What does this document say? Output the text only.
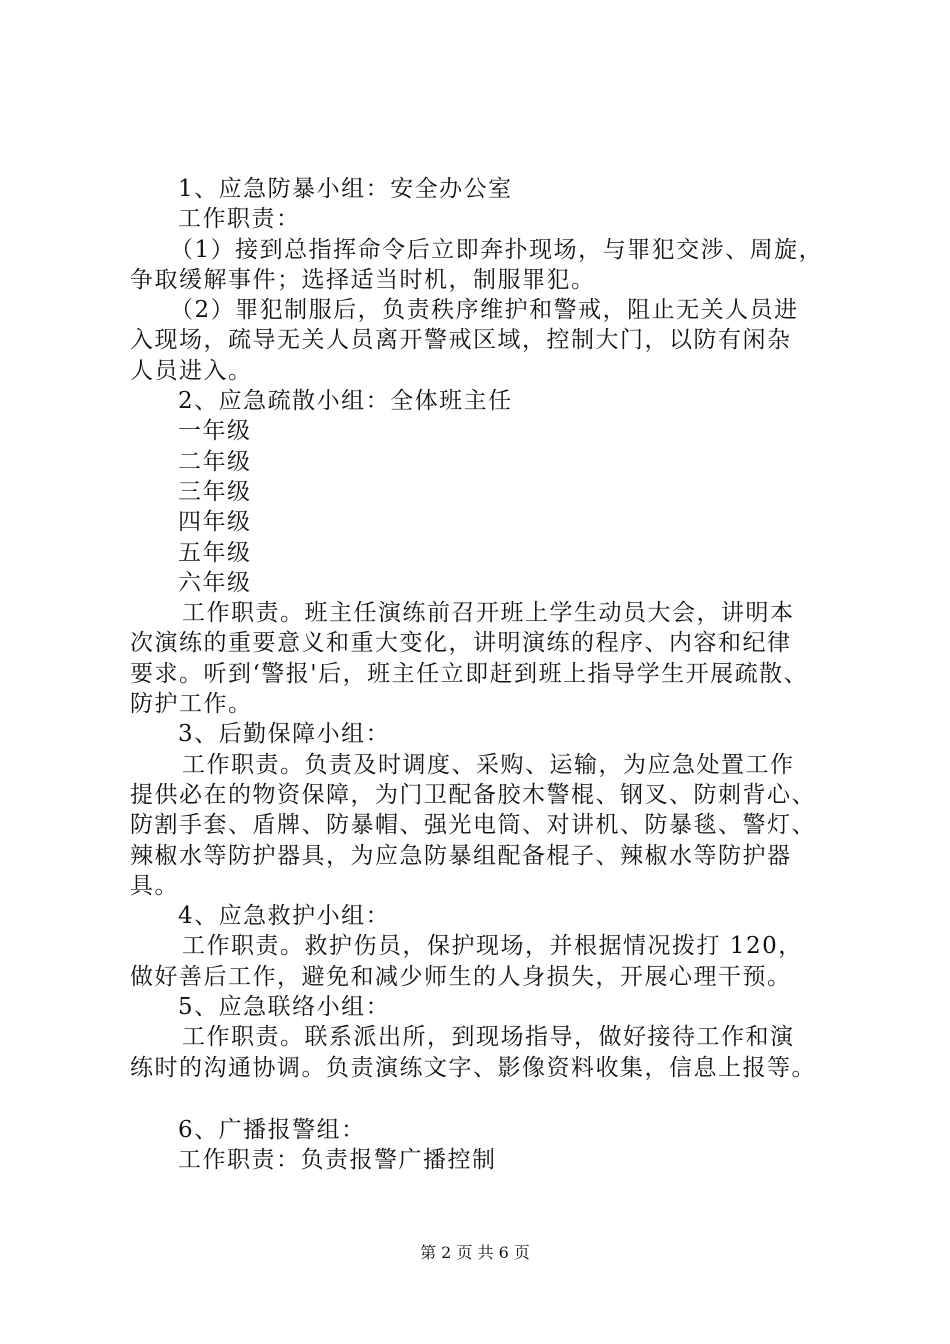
1、应急防暴小组：安全办公室
工作职责：
（1）接到总指挥命令后立即奔扑现场，与罪犯交涉、周旋，
争取缓解事件；选择适当时机，制服罪犯。
（2）罪犯制服后，负责秩序维护和警戒，阻止无关人员进
入现场，疏导无关人员离开警戒区域，控制大门，以防有闲杂
人员进入。
2、应急疏散小组：全体班主任
一年级
二年级
三年级
四年级
五年级
六年级
工作职责。班主任演练前召开班上学生动员大会，讲明本
次演练的重要意义和重大变化，讲明演练的程序、内容和纪律
要求。听到‘警报'后，班主任立即赶到班上指导学生开展疏散、
防护工作。
3、后勤保障小组：
工作职责。负责及时调度、采购、运输，为应急处置工作
提供必在的物资保障，为门卫配备胶木警棍、钢叉、防刺背心、
防割手套、盾牌、防暴帽、强光电筒、对讲机、防暴毯、警灯、
辣椒水等防护器具，为应急防暴组配备棍子、辣椒水等防护器
具。
4、应急救护小组：
工作职责。救护伤员，保护现场，并根据情况拨打 120，
做好善后工作，避免和减少师生的人身损失，开展心理干预。
5、应急联络小组：
工作职责。联系派出所，到现场指导，做好接待工作和演
练时的沟通协调。负责演练文字、影像资料收集，信息上报等。
6、广播报警组：
工作职责：负责报警广播控制
第 2 页 共 6 页
